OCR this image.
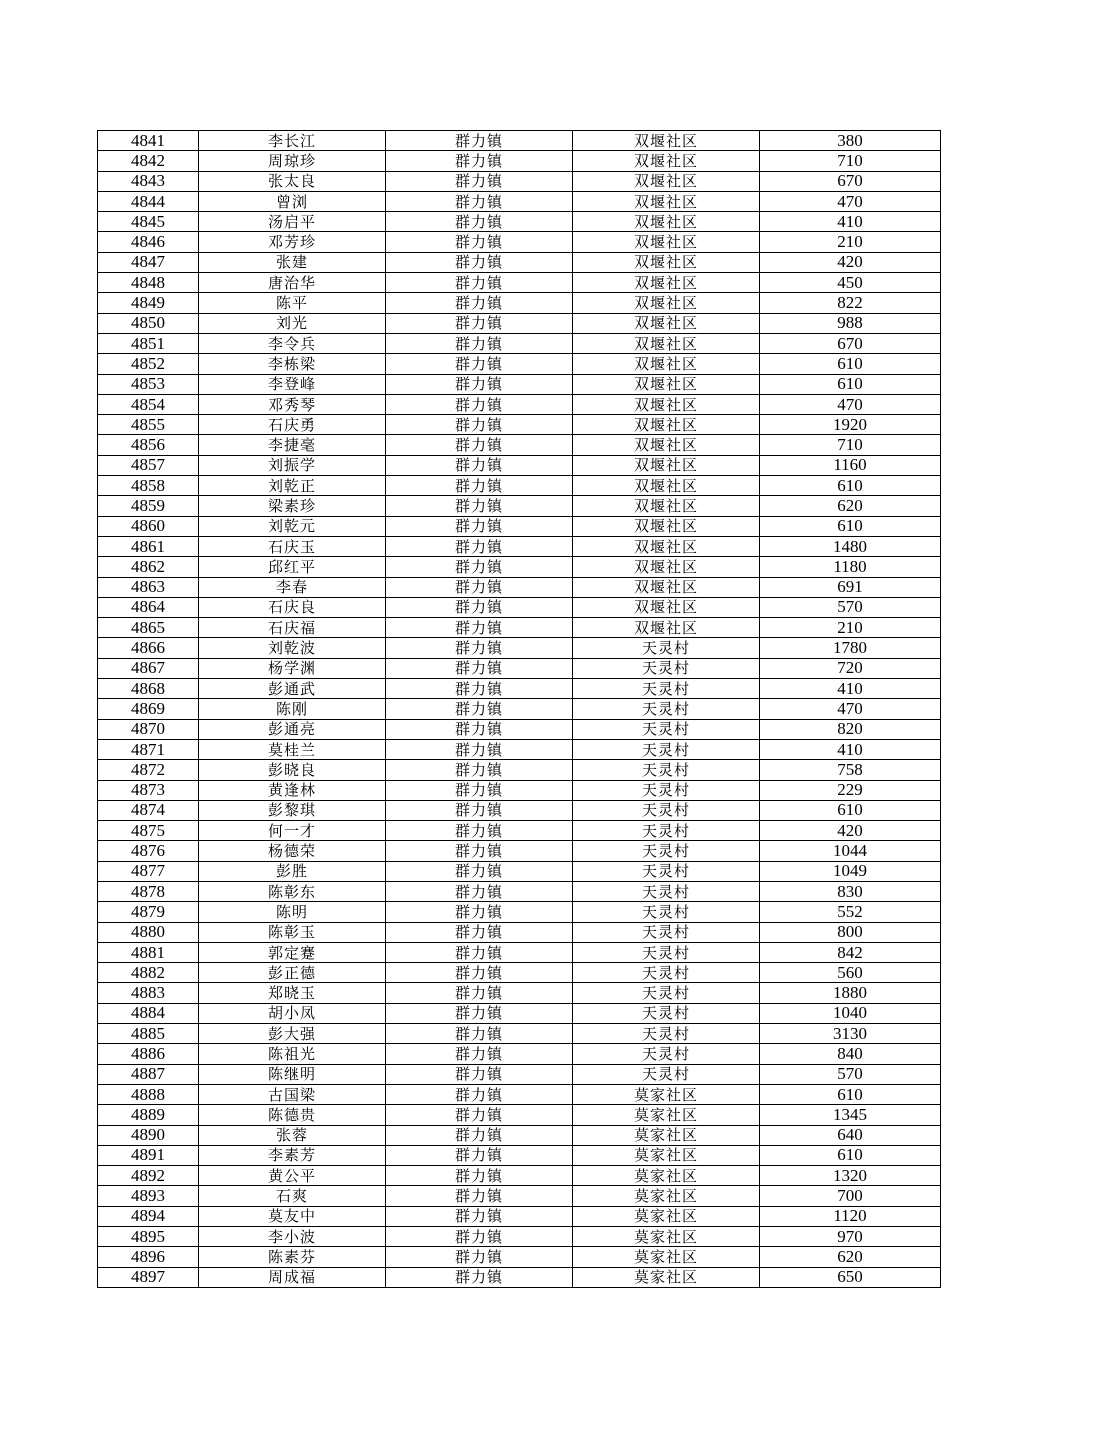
4841	李长江	群力镇	双堰社区	380
4842	周琼珍	群力镇	双堰社区	710
4843	张太良	群力镇	双堰社区	670
4844	曾浏	群力镇	双堰社区	470
4845	汤启平	群力镇	双堰社区	410
4846	邓芳珍	群力镇	双堰社区	210
4847	张建	群力镇	双堰社区	420
4848	唐治华	群力镇	双堰社区	450
4849	陈平	群力镇	双堰社区	822
4850	刘光	群力镇	双堰社区	988
4851	李令兵	群力镇	双堰社区	670
4852	李栋梁	群力镇	双堰社区	610
4853	李登峰	群力镇	双堰社区	610
4854	邓秀琴	群力镇	双堰社区	470
4855	石庆勇	群力镇	双堰社区	1920
4856	李捷毫	群力镇	双堰社区	710
4857	刘振学	群力镇	双堰社区	1160
4858	刘乾正	群力镇	双堰社区	610
4859	梁素珍	群力镇	双堰社区	620
4860	刘乾元	群力镇	双堰社区	610
4861	石庆玉	群力镇	双堰社区	1480
4862	邱红平	群力镇	双堰社区	1180
4863	李春	群力镇	双堰社区	691
4864	石庆良	群力镇	双堰社区	570
4865	石庆福	群力镇	双堰社区	210
4866	刘乾波	群力镇	天灵村	1780
4867	杨学渊	群力镇	天灵村	720
4868	彭通武	群力镇	天灵村	410
4869	陈刚	群力镇	天灵村	470
4870	彭通亮	群力镇	天灵村	820
4871	莫桂兰	群力镇	天灵村	410
4872	彭晓良	群力镇	天灵村	758
4873	黄逢林	群力镇	天灵村	229
4874	彭黎琪	群力镇	天灵村	610
4875	何一才	群力镇	天灵村	420
4876	杨德荣	群力镇	天灵村	1044
4877	彭胜	群力镇	天灵村	1049
4878	陈彰东	群力镇	天灵村	830
4879	陈明	群力镇	天灵村	552
4880	陈彰玉	群力镇	天灵村	800
4881	郭定蹇	群力镇	天灵村	842
4882	彭正德	群力镇	天灵村	560
4883	郑晓玉	群力镇	天灵村	1880
4884	胡小凤	群力镇	天灵村	1040
4885	彭大强	群力镇	天灵村	3130
4886	陈祖光	群力镇	天灵村	840
4887	陈继明	群力镇	天灵村	570
4888	古国梁	群力镇	莫家社区	610
4889	陈德贵	群力镇	莫家社区	1345
4890	张蓉	群力镇	莫家社区	640
4891	李素芳	群力镇	莫家社区	610
4892	黄公平	群力镇	莫家社区	1320
4893	石爽	群力镇	莫家社区	700
4894	莫友中	群力镇	莫家社区	1120
4895	李小波	群力镇	莫家社区	970
4896	陈素芬	群力镇	莫家社区	620
4897	周成福	群力镇	莫家社区	650
